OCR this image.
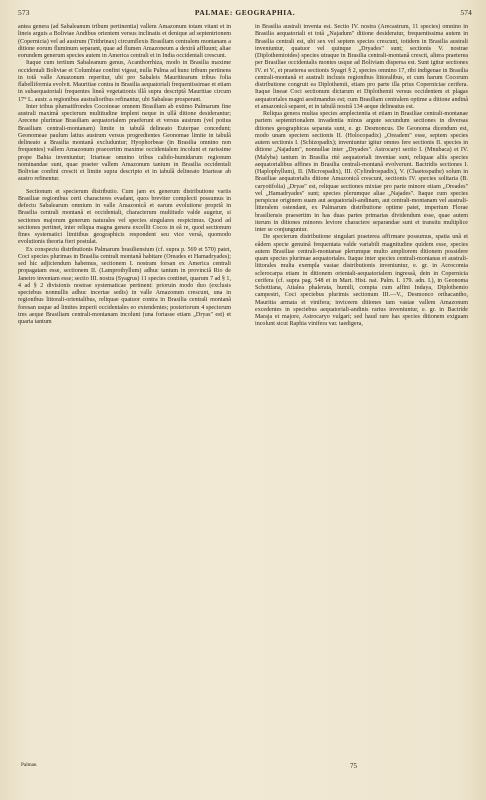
573	PALMAE: GEOGRAPHIA.	574

antea genera (ad Sabaleanum tribum pertinentia) vallem Amazonum totam vitant et in lineis arguis a Boliviae Andibus orientem versus inclinatis et denique ad septentrionem (Copernicia) vel ad austrum (Trithrinax) circumflexis Brasiliam centralem montanam a ditione eorum fluminum separant, quae ad flumen Amazoneum a dextrâ affluunt; aliae eorundem generum species autem in America centrali et in India occidentali crescunt.

Itaque cum tertium Sabaleanum genus, Acanthorrhiza, modo in Brasilia maxime occidentali Boliviae et Columbiae confini vigeat, nulla Palma ad hunc tribum pertinens in totâ valle Amazonum reperitur, ubi pro Sabaleis Mauritiearum tribus folia flabelliformia evolvit. Mauritiae contra in Brasilia aequatoriali frequentissimae et etiam in subaequatoriali frequentes lineâ vegetationis illâ supra descriptâ Mauritiae circum 17° L. austr. a regionibus australioribus refinantur, ubi Sabaleae prosperant.

Inter tribus plumatifrondes Cocoineae omnem Brasiliam ab extimo Palmarum fine australi maximâ specierum multitudine implent neque in ullâ ditione desiderantur; Arecene plurimae Brasiliam aequatorialem praeferunt et versus austrum (vel potius Brasiliam centrali-montanam) limite in tabulâ delineato Euterpae concedunt; Geonomeae paulum latius austrum versus progredientes Geonomae limite in tabulâ delineato a Brasilia montanâ excluduntur; Hyophorbeae (in Brasilia omnino non frequentes) vallem Amazonum praecertim maxime occidentalem incolunt et rarissime prope Bahia inveniuntur; Iriarteae omnino tribus calido-humidarum regionum nominandae sunt, quae praeter vallem Amazonum tantum in Brasilia occidentali Boliviae confini crescit et limite supra descripto et in tabulâ delineato Iriarteae ab austro refinentur.

Sectionum et specierum distributio. Cum jam ex generum distributione variis Brasiliae regionibus certi characteres evadant, quos breviter complecti possumus in defectu Sabalearum omnium in valle Amazonicâ et earum evolutione propriâ in Brasilia centrali montanâ et occidentali, characterum multitudo valde augetur, si sectiones majorum generum naturales vel species singulares respicimus. Quod ad sectiones pertinet, inter reliqua magna genera excellit Cocos in eâ re, quod sectionum fines systematici limitibus geographicis respondent seu vice versâ, quomodo evolutionis theoria fieri postulat.

Ex conspectu distributionis Palmarum brasiliensium (cf. supra p. 569 et 570) patet, Coci species plurimas in Brasilia centrali montanâ habitare (Oreades et Hamadryades); sed hic adjiciendum habemus, sectionem I. nostram forsan ex America centrali propagatam esse, sectionem II. (Lamprothyllum) adhuc tantum in provinciâ Rio de Janeiro inventam esse; sectio III. nostra (Syagrus) 11 species continet, quarum 7 ad § 1, 4 ad § 2 divisionis nostrae systematicae pertinent: prioruin modo duo (exclusis speciebus nonnullis adhuc incertae sedis) in valle Amazonum crescunt, una in regionibus littorali-orientalibus, reliquae quatuor contra in Brasilia centrali montanâ foresan usque ad limites imperii occidentales eo extendentes; posteriorum 4 specierum tres aeque Brasiliam centrali-montanam incolunt (una fortasse etiam „Dryas" est) et quarta tantum

in Brasilia australi inventa est. Sectio IV. nostra (Arecastrum, 11 species) omnino in Brasilia aequatoriali et totâ „Najadum" ditione desideratur, frequentissima autem in Brasilia centrali est, ubi sex vel septem species crescunt, totidem in Brasilia australi inveniuntur, quatuor vel quinque „Dryades" sunt; sectionis V. nostrae (Diplothemioides) species utraque in Brasilia centrali-montanâ crescit, altera praeterea per Brasiliae occidentalis montes usque ad Boliviam dispersa est. Sunt igitur sectiones IV. et V., et praeterea sectionis Syagri § 2, species omnino 17, ribi indigenae in Brasilia centrali-montanâ et australi inclusis regionibus littoralibus, et cum harum Cocorum distributione congruit ea Diplothemii, etiam pro parte illa prius Coperniciae cerifera. Itaque lineae Coci sectionum dictarum et Diplothemii versus occidentem et plagas aequatoriales magni aestimandus est; cum Brasiliam centralem optime a ditione andinâ et amazonicâ separet, et in tabulâ nostrâ 134 aeque delineatus est.

Reliqua genera multas species amplectentia et etiam in Brasiliae centrali-montanae partem septentrionalem invadentia minus argute secundum sectiones in diversas ditiones geographicas separata sunt, e. gr. Desmoncus. De Geonoma dicendum est, modo unam speciem sectionis II. (Holocopadix) „Oreadem" esse, septem species autem sectionis I. (Schizopadix); inveniuntur igitur omnes fere sectionis II. species in ditione „Najadum", nonnullae inter „Dryades". Astrocaryi sectio I. (Mnubaca) et IV. (Malyba) tantum in Brasilia ritè aequatoriali inventae sunt, reliquae aliis species aequatorialibus affines in Brasilia centrali-montanâ evolverunt. Bactridis sectiones I. (Haplophyllum), II. (Microspadix), III. (Cylindrospadix), V. (Chaetospathe) solum in Brasiliae aequatorialis ditione Amazonicâ crescunt, sectionis IV. species solitaria (B. caryotifolia) „Dryas" est, reliquae sectiones mixtae pro parte minore etiam „Oreades" vel „Hamadryades" sunt; species plerumque aliae „Najades". Itaque cum species perspicue originem suam aut aequatoriali-andinam, aut centrali-montanam vel australi-litteralem ostendant, ex Palmarum distributione optime patet, imperium Florae brasiliensis praesertim in has duas partes primarias dividendum esse, quae autem iterum in ditiones minores leviore charactere separandae sunt et transitu multiplice inter se conjunguntur.

De specierum distributione singulari praeterea affirmare possumus, spatia unâ et eâdem specie genuinâ frequentata valde variabili magnitudine quidem esse, species autem Brasiliae centrali-montanae plerumque multo ampliorem ditionem possidere quam species plurimae aequatoriales. Itaque inter species centrali-montanas et australi-littorales multa exempla vastae distributionis inveniuntur, e. gr. in Acrocomia sclerocarpa etiam in ditionem orientali-aequatorialem ingressâ, dein in Copernicia cerifera (cf. supra pag. 548 et in Mart. Hist. nat. Palm. I. 179. adn. I.), in Geonoma Schottiana, Attalea phalerata, humili, compta cum affini Indaya, Diplothemio campestri, Coci speciebus plurimis sectionum III.—V., Desmonco orthacantho, Mauritia armata et vinifera; inviceem ditiones tam vastae vallem Amazonum excedentes in speciebus aequatoriali-andinis rarius inveniuntur, e. gr. in Bactride Maraja et majore, Astrocaryo vulgari; sed haud rare has species ditionem exiguam incolunt sicut Raphia vinifera var. taedigera,

Palmae.	75
